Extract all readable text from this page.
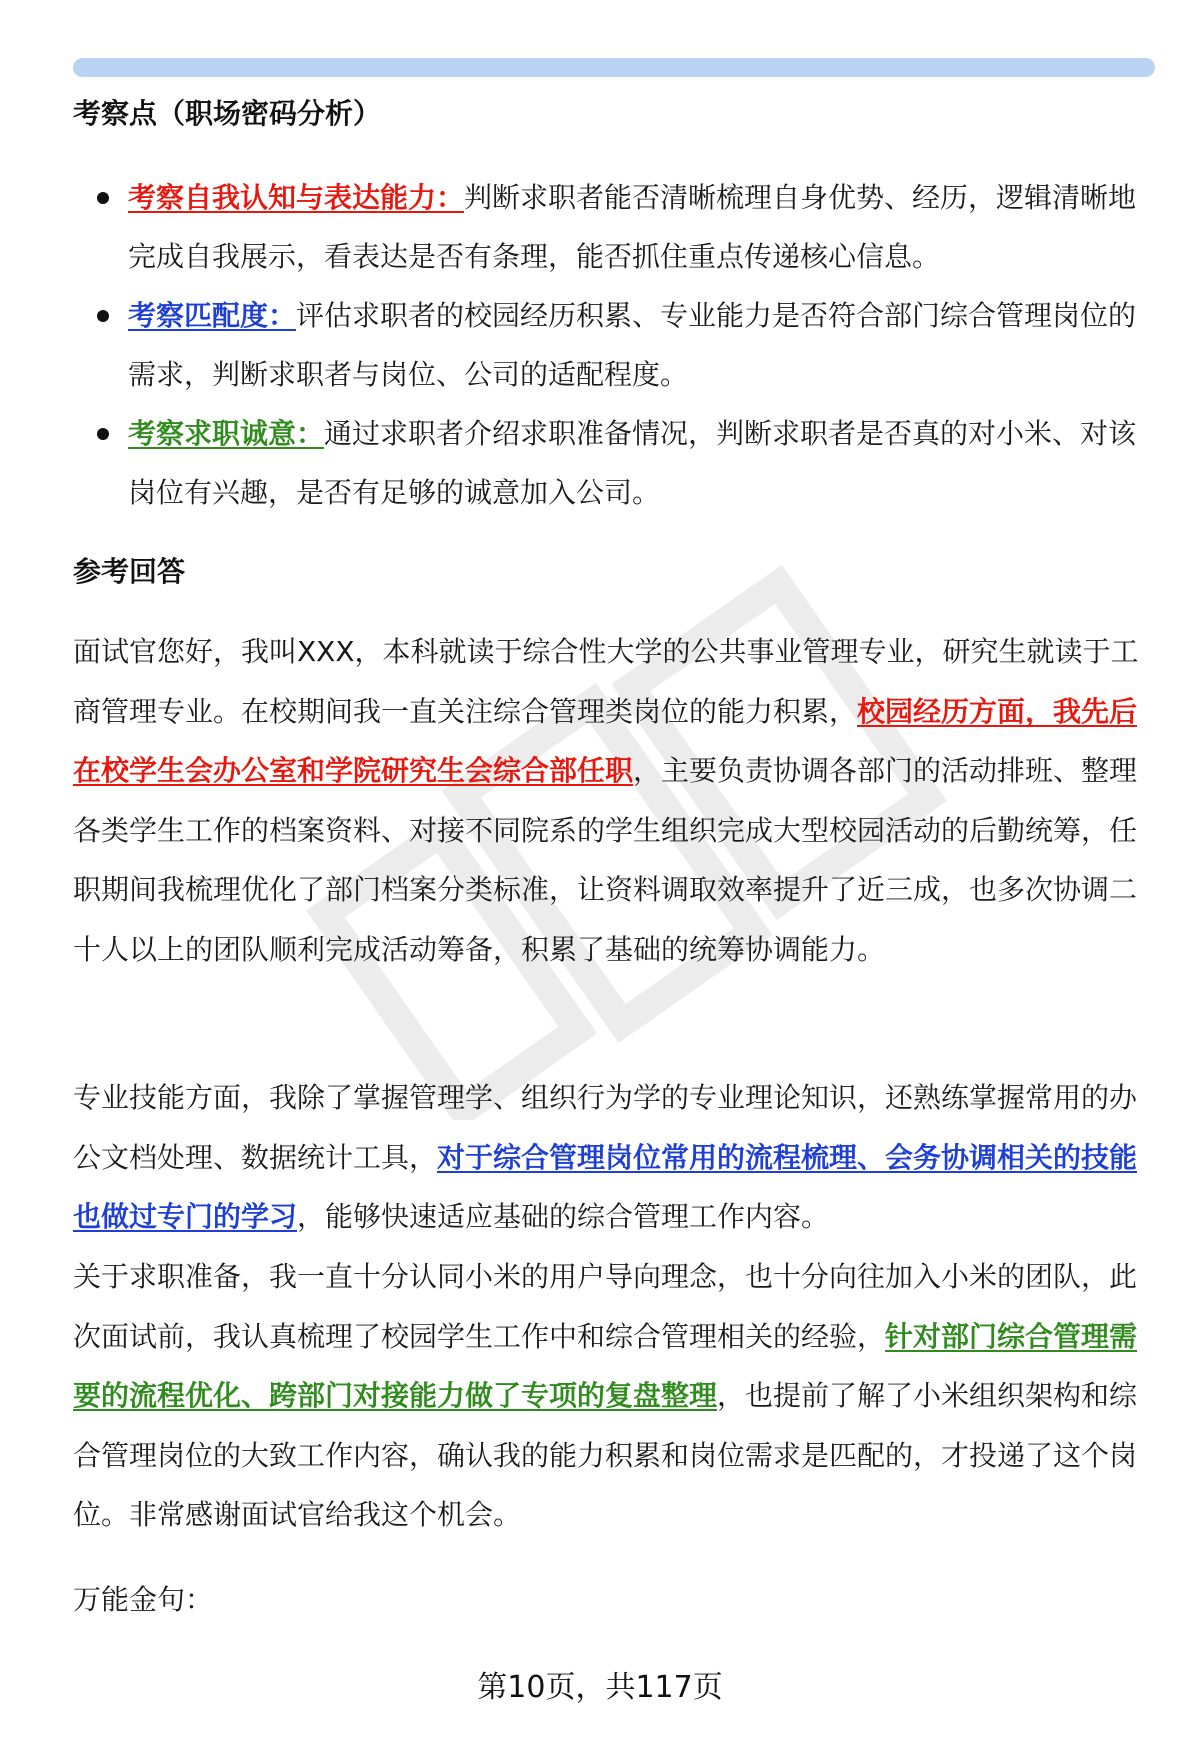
考察点（职场密码分析）
考察自我认知与表达能力：判断求职者能否清晰梳理自身优势、经历，逻辑清晰地完成自我展示，看表达是否有条理，能否抓住重点传递核心信息。
考察匹配度：评估求职者的校园经历积累、专业能力是否符合部门综合管理岗位的需求，判断求职者与岗位、公司的适配程度。
考察求职诚意：通过求职者介绍求职准备情况，判断求职者是否真的对小米、对该岗位有兴趣，是否有足够的诚意加入公司。
参考回答

面试官您好，我叫XXX，本科就读于综合性大学的公共事业管理专业，研究生就读于工商管理专业。在校期间我一直关注综合管理类岗位的能力积累，校园经历方面，我先后在校学生会办公室和学院研究生会综合部任职，主要负责协调各部门的活动排班、整理各类学生工作的档案资料、对接不同院系的学生组织完成大型校园活动的后勤统筹，任职期间我梳理优化了部门档案分类标准，让资料调取效率提升了近三成，也多次协调二十人以上的团队顺利完成活动筹备，积累了基础的统筹协调能力。

专业技能方面，我除了掌握管理学、组织行为学的专业理论知识，还熟练掌握常用的办公文档处理、数据统计工具，对于综合管理岗位常用的流程梳理、会务协调相关的技能也做过专门的学习，能够快速适应基础的综合管理工作内容。

关于求职准备，我一直十分认同小米的用户导向理念，也十分向往加入小米的团队，此次面试前，我认真梳理了校园学生工作中和综合管理相关的经验，针对部门综合管理需要的流程优化、跨部门对接能力做了专项的复盘整理，也提前了解了小米组织架构和综合管理岗位的大致工作内容，确认我的能力积累和岗位需求是匹配的，才投递了这个岗位。非常感谢面试官给我这个机会。

万能金句：

第10页，共117页
